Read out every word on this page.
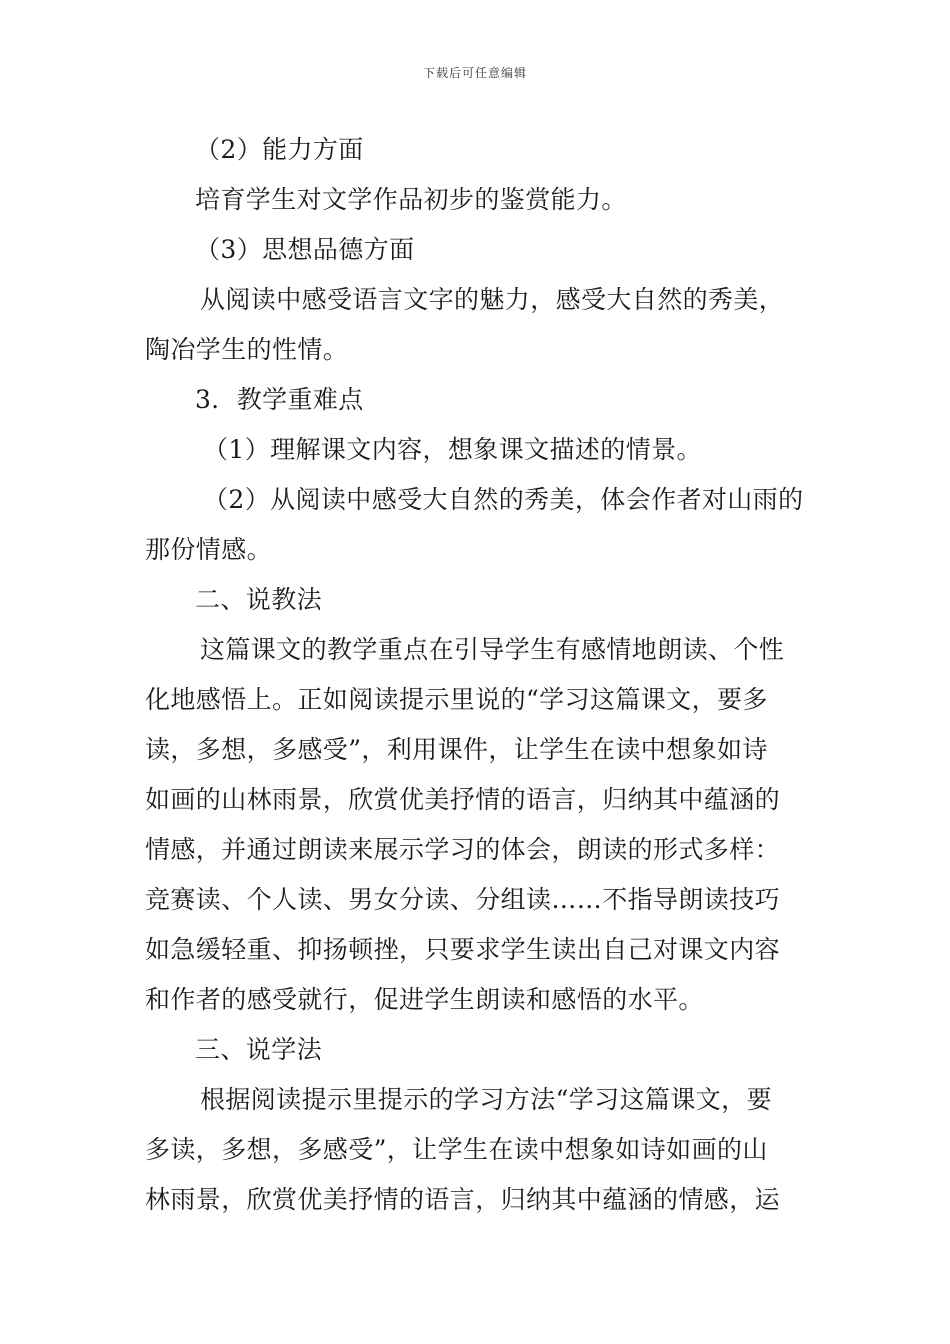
下载后可任意编辑
（2）能力方面
培育学生对文学作品初步的鉴赏能力。
（3）思想品德方面
从阅读中感受语言文字的魅力，感受大自然的秀美，
陶冶学生的性情。
3．教学重难点
（1）理解课文内容，想象课文描述的情景。
（2）从阅读中感受大自然的秀美，体会作者对山雨的
那份情感。
二、说教法
这篇课文的教学重点在引导学生有感情地朗读、个性
化地感悟上。正如阅读提示里说的“学习这篇课文，要多
读，多想，多感受”，利用课件，让学生在读中想象如诗
如画的山林雨景，欣赏优美抒情的语言，归纳其中蕴涵的
情感，并通过朗读来展示学习的体会，朗读的形式多样：
竞赛读、个人读、男女分读、分组读……不指导朗读技巧
如急缓轻重、抑扬顿挫，只要求学生读出自己对课文内容
和作者的感受就行，促进学生朗读和感悟的水平。
三、说学法
根据阅读提示里提示的学习方法“学习这篇课文，要
多读，多想，多感受”，让学生在读中想象如诗如画的山
林雨景，欣赏优美抒情的语言，归纳其中蕴涵的情感，运
